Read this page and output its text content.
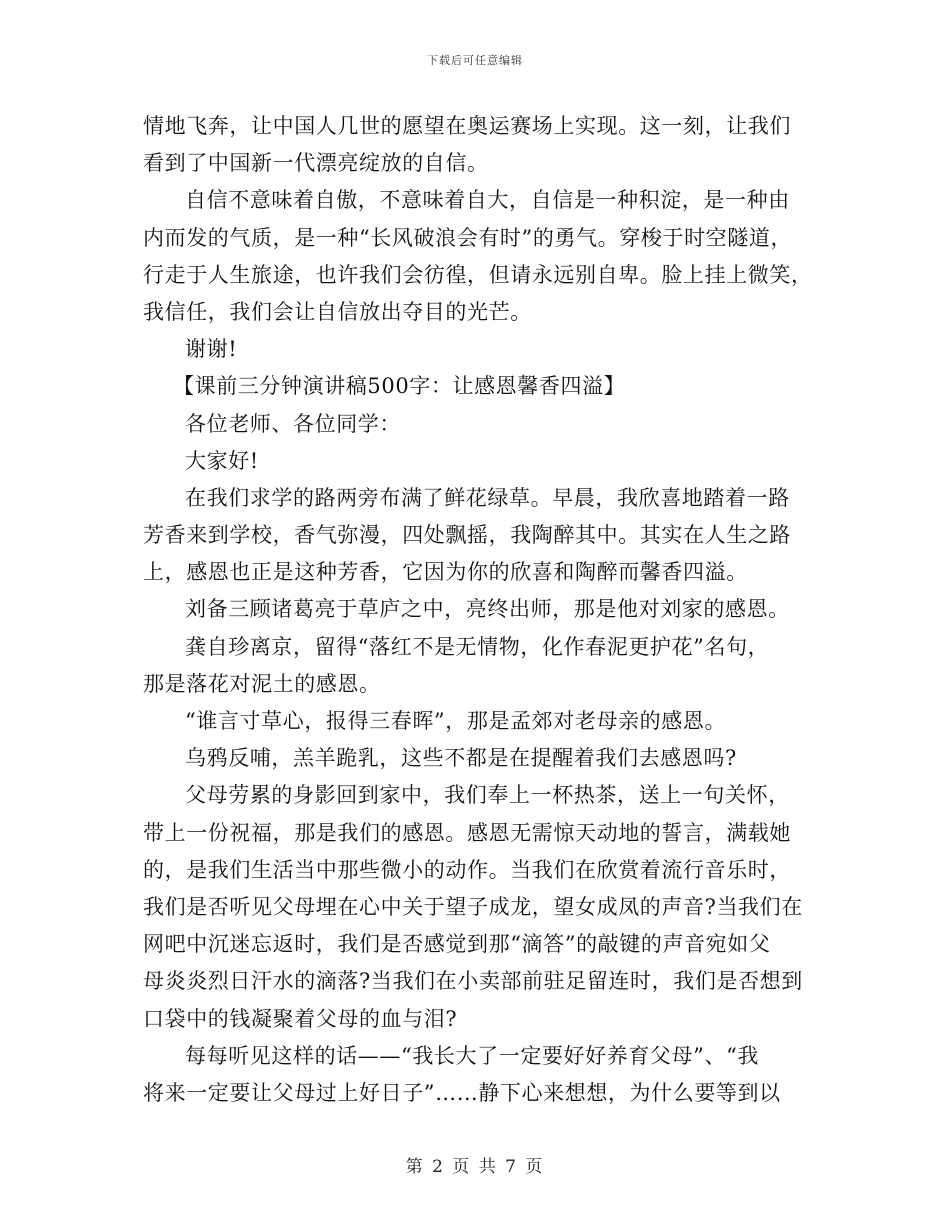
下载后可任意编辑
情地飞奔，让中国人几世的愿望在奥运赛场上实现。这一刻，让我们
看到了中国新一代漂亮绽放的自信。
自信不意味着自傲，不意味着自大，自信是一种积淀，是一种由
内而发的气质，是一种“长风破浪会有时”的勇气。穿梭于时空隧道，
行走于人生旅途，也许我们会彷徨，但请永远别自卑。脸上挂上微笑，
我信任，我们会让自信放出夺目的光芒。
谢谢!
【课前三分钟演讲稿500字：让感恩馨香四溢】
各位老师、各位同学：
大家好!
在我们求学的路两旁布满了鲜花绿草。早晨，我欣喜地踏着一路
芳香来到学校，香气弥漫，四处飘摇，我陶醉其中。其实在人生之路
上，感恩也正是这种芳香，它因为你的欣喜和陶醉而馨香四溢。
刘备三顾诸葛亮于草庐之中，亮终出师，那是他对刘家的感恩。
龚自珍离京，留得“落红不是无情物，化作春泥更护花”名句，
那是落花对泥土的感恩。
“谁言寸草心，报得三春晖”，那是孟郊对老母亲的感恩。
乌鸦反哺，羔羊跪乳，这些不都是在提醒着我们去感恩吗?
父母劳累的身影回到家中，我们奉上一杯热茶，送上一句关怀，
带上一份祝福，那是我们的感恩。感恩无需惊天动地的誓言，满载她
的，是我们生活当中那些微小的动作。当我们在欣赏着流行音乐时，
我们是否听见父母埋在心中关于望子成龙，望女成凤的声音?当我们在
网吧中沉迷忘返时，我们是否感觉到那“滴答”的敲键的声音宛如父
母炎炎烈日汗水的滴落?当我们在小卖部前驻足留连时，我们是否想到
口袋中的钱凝聚着父母的血与泪?
每每听见这样的话——“我长大了一定要好好养育父母”、“我
将来一定要让父母过上好日子”……静下心来想想，为什么要等到以
第 2 页 共 7 页
